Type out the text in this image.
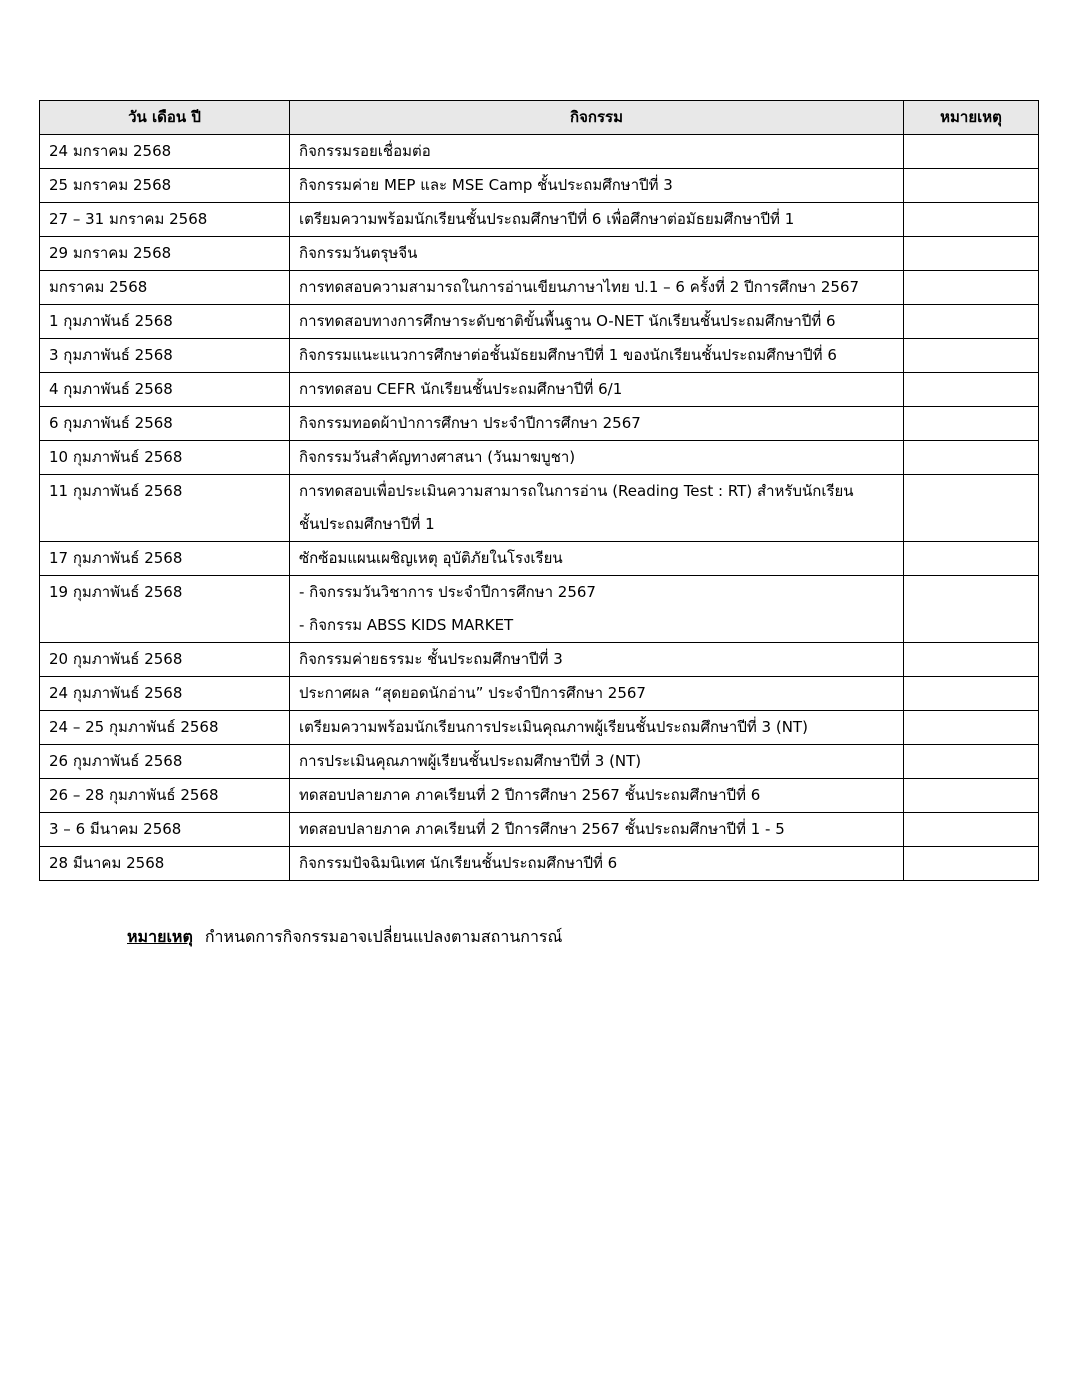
วัน เดือน ปี	กิจกรรม	หมายเหตุ
24 มกราคม 2568	กิจกรรมรอยเชื่อมต่อ	

25 มกราคม 2568	กิจกรรมค่าย MEP และ MSE Camp ชั้นประถมศึกษาปีที่ 3	

27 – 31 มกราคม 2568	เตรียมความพร้อมนักเรียนชั้นประถมศึกษาปีที่ 6 เพื่อศึกษาต่อมัธยมศึกษาปีที่ 1	

29 มกราคม 2568	กิจกรรมวันตรุษจีน	

มกราคม 2568	การทดสอบความสามารถในการอ่านเขียนภาษาไทย ป.1 – 6 ครั้งที่ 2 ปีการศึกษา 2567	

1 กุมภาพันธ์ 2568	การทดสอบทางการศึกษาระดับชาติขั้นพื้นฐาน O-NET นักเรียนชั้นประถมศึกษาปีที่ 6	

3 กุมภาพันธ์ 2568	กิจกรรมแนะแนวการศึกษาต่อชั้นมัธยมศึกษาปีที่ 1 ของนักเรียนชั้นประถมศึกษาปีที่ 6	

4 กุมภาพันธ์ 2568	การทดสอบ CEFR นักเรียนชั้นประถมศึกษาปีที่ 6/1	

6 กุมภาพันธ์ 2568	กิจกรรมทอดผ้าป่าการศึกษา ประจำปีการศึกษา 2567	

10 กุมภาพันธ์ 2568	กิจกรรมวันสำคัญทางศาสนา (วันมาฆบูชา)	

11 กุมภาพันธ์ 2568	การทดสอบเพื่อประเมินความสามารถในการอ่าน (Reading Test : RT) สำหรับนักเรียน
ชั้นประถมศึกษาปีที่ 1	

17 กุมภาพันธ์ 2568	ซักซ้อมแผนเผชิญเหตุ อุบัติภัยในโรงเรียน	

19 กุมภาพันธ์ 2568	- กิจกรรมวันวิชาการ ประจำปีการศึกษา 2567
- กิจกรรม ABSS KIDS MARKET	

20 กุมภาพันธ์ 2568	กิจกรรมค่ายธรรมะ ชั้นประถมศึกษาปีที่ 3	

24 กุมภาพันธ์ 2568	ประกาศผล “สุดยอดนักอ่าน” ประจำปีการศึกษา 2567	

24 – 25 กุมภาพันธ์ 2568	เตรียมความพร้อมนักเรียนการประเมินคุณภาพผู้เรียนชั้นประถมศึกษาปีที่ 3 (NT)	

26 กุมภาพันธ์ 2568	การประเมินคุณภาพผู้เรียนชั้นประถมศึกษาปีที่ 3 (NT)	

26 – 28 กุมภาพันธ์ 2568	ทดสอบปลายภาค ภาคเรียนที่ 2 ปีการศึกษา 2567 ชั้นประถมศึกษาปีที่ 6	

3 – 6 มีนาคม 2568	ทดสอบปลายภาค ภาคเรียนที่ 2 ปีการศึกษา 2567 ชั้นประถมศึกษาปีที่ 1 - 5	

28 มีนาคม 2568	กิจกรรมปัจฉิมนิเทศ นักเรียนชั้นประถมศึกษาปีที่ 6	

หมายเหตุ กำหนดการกิจกรรมอาจเปลี่ยนแปลงตามสถานการณ์
